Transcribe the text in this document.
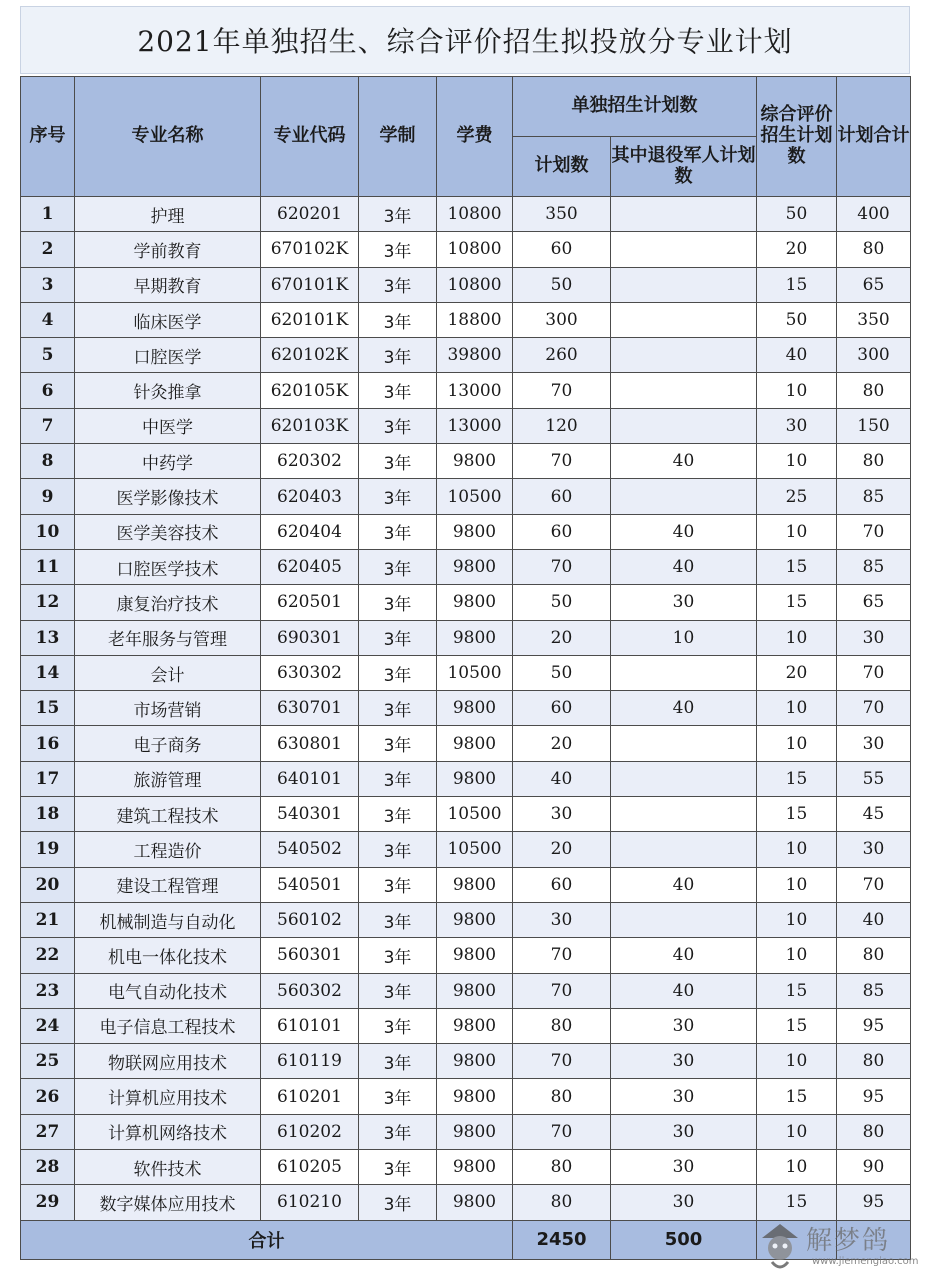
2021年单独招生、综合评价招生拟投放分专业计划
序号	专业名称	专业代码	学制	学费	单独招生计划数		综合评价招生计划数	计划合计
					计划数	其中退役军人计划数		
1	护理	620201	3年	10800	350		50	400
2	学前教育	670102K	3年	10800	60		20	80
3	早期教育	670101K	3年	10800	50		15	65
4	临床医学	620101K	3年	18800	300		50	350
5	口腔医学	620102K	3年	39800	260		40	300
6	针灸推拿	620105K	3年	13000	70		10	80
7	中医学	620103K	3年	13000	120		30	150
8	中药学	620302	3年	9800	70	40	10	80
9	医学影像技术	620403	3年	10500	60		25	85
10	医学美容技术	620404	3年	9800	60	40	10	70
11	口腔医学技术	620405	3年	9800	70	40	15	85
12	康复治疗技术	620501	3年	9800	50	30	15	65
13	老年服务与管理	690301	3年	9800	20	10	10	30
14	会计	630302	3年	10500	50		20	70
15	市场营销	630701	3年	9800	60	40	10	70
16	电子商务	630801	3年	9800	20		10	30
17	旅游管理	640101	3年	9800	40		15	55
18	建筑工程技术	540301	3年	10500	30		15	45
19	工程造价	540502	3年	10500	20		10	30
20	建设工程管理	540501	3年	9800	60	40	10	70
21	机械制造与自动化	560102	3年	9800	30		10	40
22	机电一体化技术	560301	3年	9800	70	40	10	80
23	电气自动化技术	560302	3年	9800	70	40	15	85
24	电子信息工程技术	610101	3年	9800	80	30	15	95
25	物联网应用技术	610119	3年	9800	70	30	10	80
26	计算机应用技术	610201	3年	9800	80	30	15	95
27	计算机网络技术	610202	3年	9800	70	30	10	80
28	软件技术	610205	3年	9800	80	30	10	90
29	数字媒体应用技术	610210	3年	9800	80	30	15	95
合计					2450	500			解梦鸽
www.jiemengiao.com
